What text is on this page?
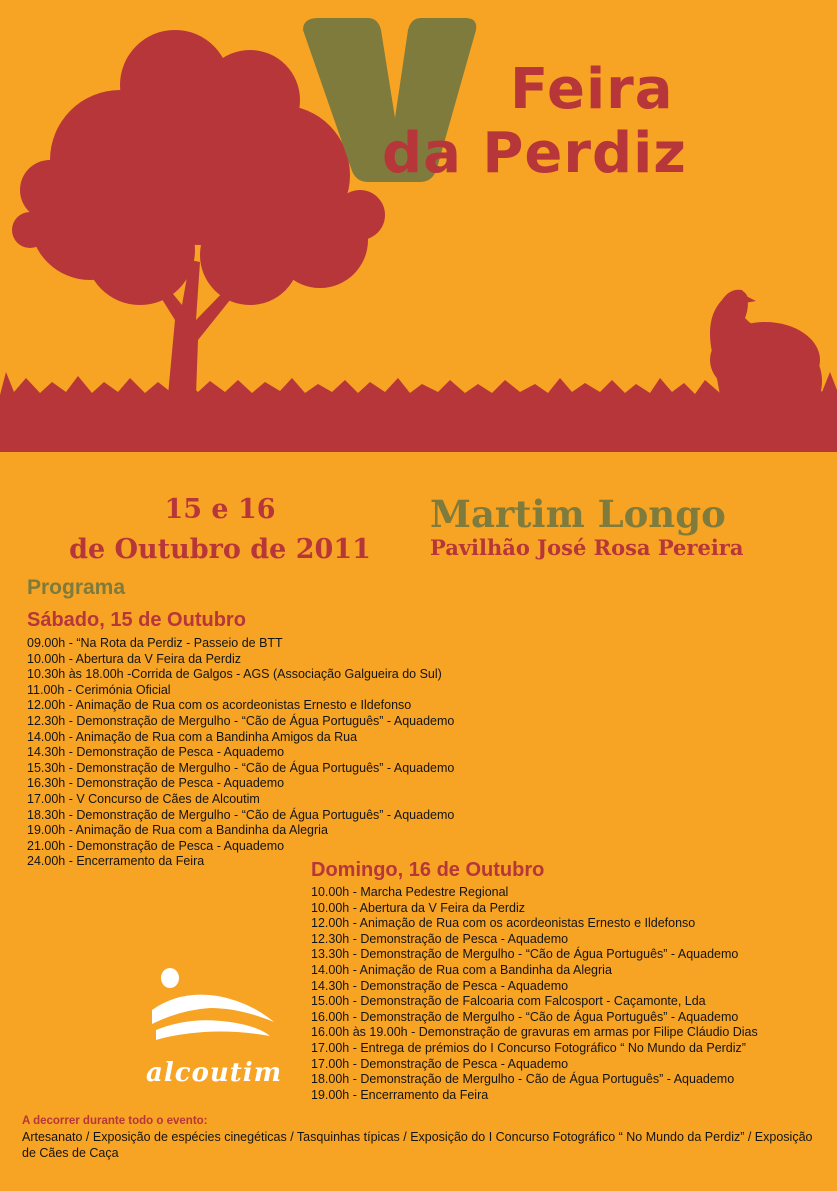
Feira
da Perdiz
15 e 16
de Outubro de 2011
Martim Longo
Pavilhão José Rosa Pereira
Programa
Sábado, 15 de Outubro
09.00h - “Na Rota da Perdiz - Passeio de BTT
10.00h - Abertura da V Feira da Perdiz
10.30h às 18.00h -Corrida de Galgos - AGS (Associação Galgueira do Sul)
11.00h - Cerimónia Oficial
12.00h - Animação de Rua com os acordeonistas Ernesto e Ildefonso
12.30h - Demonstração de Mergulho - “Cão de Água Português” - Aquademo
14.00h - Animação de Rua com a Bandinha Amigos da Rua
14.30h - Demonstração de Pesca - Aquademo
15.30h - Demonstração de Mergulho - “Cão de Água Português” - Aquademo
16.30h - Demonstração de Pesca - Aquademo
17.00h - V Concurso de Cães de Alcoutim
18.30h - Demonstração de Mergulho - “Cão de Água Português” - Aquademo
19.00h - Animação de Rua com a Bandinha da Alegria
21.00h - Demonstração de Pesca - Aquademo
24.00h - Encerramento da Feira	Domingo, 16 de Outubro
10.00h - Marcha Pedestre Regional
10.00h - Abertura da V Feira da Perdiz
12.00h - Animação de Rua com os acordeonistas Ernesto e Ildefonso
12.30h - Demonstração de Pesca - Aquademo
13.30h - Demonstração de Mergulho - “Cão de Água Português” - Aquademo
14.00h - Animação de Rua com a Bandinha da Alegria
14.30h - Demonstração de Pesca - Aquademo
15.00h - Demonstração de Falcoaria com Falcosport - Caçamonte, Lda
16.00h - Demonstração de Mergulho - “Cão de Água Português” - Aquademo
16.00h às 19.00h - Demonstração de gravuras em armas por Filipe Cláudio Dias
17.00h - Entrega de prémios do I Concurso Fotográfico “ No Mundo da Perdiz”
17.00h - Demonstração de Pesca - Aquademo
18.00h - Demonstração de Mergulho - Cão de Água Português” - Aquademo
19.00h - Encerramento da Feira
alcoutim
A decorrer durante todo o evento:
Artesanato / Exposição de espécies cinegéticas / Tasquinhas típicas / Exposição do I Concurso Fotográfico “ No Mundo da Perdiz” / Exposição de Cães de Caça
